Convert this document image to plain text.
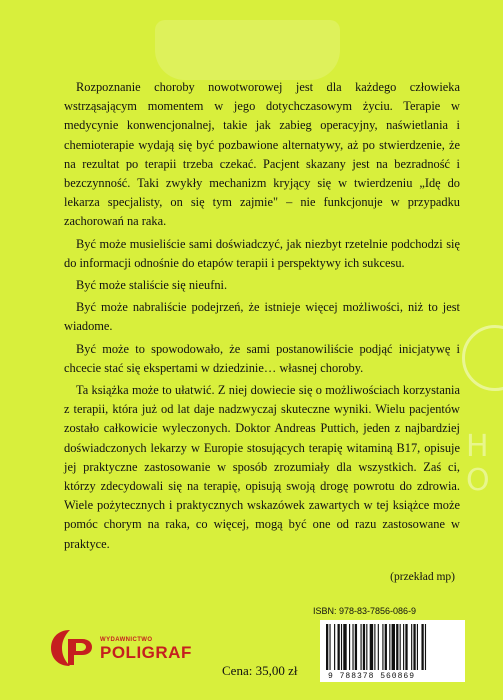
H
O

Rozpoznanie choroby nowotworowej jest dla każdego człowieka wstrząsającym momentem w jego dotychczasowym życiu. Terapie w medycynie konwencjonalnej, takie jak zabieg operacyjny, naświetlania i chemioterapie wydają się być pozbawione alternatywy, aż po stwierdzenie, że na rezultat po terapii trzeba czekać. Pacjent skazany jest na bezradność i bezczynność. Taki zwykły mechanizm kryjący się w twierdzeniu „Idę do lekarza specjalisty, on się tym zajmie" – nie funkcjonuje w przypadku zachorowań na raka.

Być może musieliście sami doświadczyć, jak niezbyt rzetelnie podchodzi się do informacji odnośnie do etapów terapii i perspektywy ich sukcesu.

Być może staliście się nieufni.

Być może nabraliście podejrzeń, że istnieje więcej możliwości, niż to jest wiadome.

Być może to spowodowało, że sami postanowiliście podjąć inicjatywę i chcecie stać się ekspertami w dziedzinie… własnej choroby.

Ta książka może to ułatwić. Z niej dowiecie się o możliwościach korzystania z terapii, która już od lat daje nadzwyczaj skuteczne wyniki. Wielu pacjentów zostało całkowicie wyleczonych. Doktor Andreas Puttich, jeden z najbardziej doświadczonych lekarzy w Europie stosujących terapię witaminą B17, opisuje jej praktyczne zastosowanie w sposób zrozumiały dla wszystkich. Zaś ci, którzy zdecydowali się na terapię, opisują swoją drogę powrotu do zdrowia. Wiele pożytecznych i praktycznych wskazówek zawartych w tej książce może pomóc chorym na raka, co więcej, mogą być one od razu zastosowane w praktyce.

(przekład mp)
WYDAWNICTWO
POLIGRAF
Cena: 35,00 zł
ISBN: 978-83-7856-086-9
9 788378 560869
